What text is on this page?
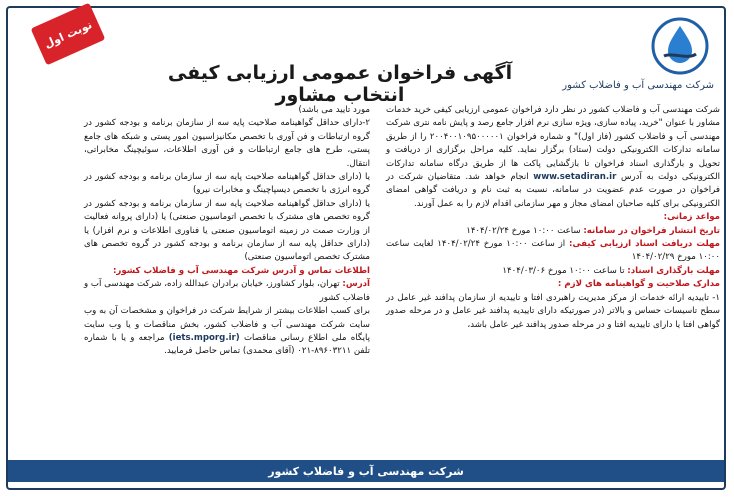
نوبت اول
شرکت مهندسی آب و فاضلاب کشور
آگهی فراخوان عمومی ارزیابی کیفی انتخاب مشاور

شرکت مهندسی آب و فاضلاب کشور در نظر دارد فراخوان عمومی ارزیابی کیفی خرید خدمات مشاور با عنوان "خرید، پیاده سازی، ویژه سازی نرم افزار جامع رصد و پایش نامه نتری شرکت مهندسی آب و فاضلاب کشور (فاز اول)" و شماره فراخوان ۲۰۰۴۰۰۱۰۹۵۰۰۰۰۰۱ را از طریق سامانه تدارکات الکترونیکی دولت (ستاد) برگزار نماید. کلیه مراحل برگزاری از دریافت و تحویل و بارگذاری اسناد فراخوان تا بازگشایی پاکت ها از طریق درگاه سامانه تدارکات الکترونیکی دولت به آدرس www.setadiran.ir انجام خواهد شد. متقاضیان شرکت در فراخوان در صورت عدم عضویت در سامانه، نسبت به ثبت نام و دریافت گواهی امضای الکترونیکی برای کلیه صاحبان امضای مجاز و مهر سازمانی اقدام لازم را به عمل آورند.

مواعد زمانی:

تاریخ انتشار فراخوان در سامانه: ساعت ۱۰:۰۰ مورخ ۱۴۰۴/۰۲/۲۴

مهلت دریافت اسناد ارزیابی کیفی: از ساعت ۱۰:۰۰ مورخ ۱۴۰۴/۰۲/۲۴ لغایت ساعت ۱۰:۰۰ مورخ ۱۴۰۴/۰۲/۲۹

مهلت بارگذاری اسناد: تا ساعت ۱۰:۰۰ مورخ ۱۴۰۴/۰۳/۰۶

مدارک صلاحیت و گواهینامه های لازم :

۱- تاییدیه ارائه خدمات از مرکز مدیریت راهبردی افتا و تاییدیه از سازمان پدافند غیر عامل در سطح تاسیسات حساس و بالاتر (در صورتیکه دارای تاییدیه پدافند غیر عامل و در مرحله صدور گواهی افتا یا دارای تاییدیه افتا و در مرحله صدور پدافند غیر عامل باشد،

مورد تایید می باشد)

۲-دارای حداقل گواهینامه صلاحیت پایه سه از سازمان برنامه و بودجه کشور در گروه ارتباطات و فن آوری با تخصص مکانیزاسیون امور پستی و شبکه های جامع پستی، طرح های جامع ارتباطات و فن آوری اطلاعات، سوئیچینگ مخابراتی، انتقال.

یا (دارای حداقل گواهینامه صلاحیت پایه سه از سازمان برنامه و بودجه کشور در گروه انرژی با تخصص دیسپاچینگ و مخابرات نیرو)

یا (دارای حداقل گواهینامه صلاحیت پایه سه از سازمان برنامه و بودجه کشور در گروه تخصص های مشترک با تخصص اتوماسیون صنعتی) یا (دارای پروانه فعالیت از وزارت صمت در زمینه اتوماسیون صنعتی یا فناوری اطلاعات و نرم افزار) یا (دارای حداقل پایه سه از سازمان برنامه و بودجه کشور در گروه تخصص های مشترک تخصص اتوماسیون صنعتی)

اطلاعات تماس و آدرس شرکت مهندسی آب و فاضلاب کشور:

آدرس: تهران، بلوار کشاورز، خیابان برادران عبدالله زاده، شرکت مهندسی آب و فاضلاب کشور

برای کسب اطلاعات بیشتر از شرایط شرکت در فراخوان و مشخصات آن به وب سایت شرکت مهندسی آب و فاضلاب کشور، بخش مناقصات و یا وب سایت پایگاه ملی اطلاع رسانی مناقصات (iets.mporg.ir) مراجعه و یا با شماره تلفن ۸۹۶۰۳۲۱۱-۰۲۱ (آقای محمدی) تماس حاصل فرمایید.

شرکت مهندسی آب و فاضلاب کشور
